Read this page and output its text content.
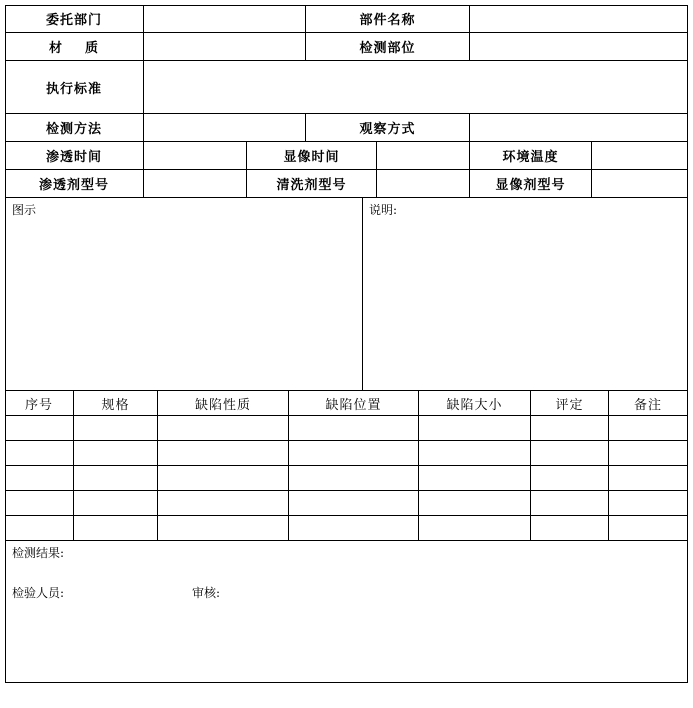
委托部门	部件名称
材    质	检测部位
执行标准
检测方法	观察方式
渗透时间	显像时间	环境温度
渗透剂型号	清洗剂型号	显像剂型号
图示	说明:
序号	规格	缺陷性质	缺陷位置	缺陷大小	评定	备注
检测结果:
检验人员:	审核:
